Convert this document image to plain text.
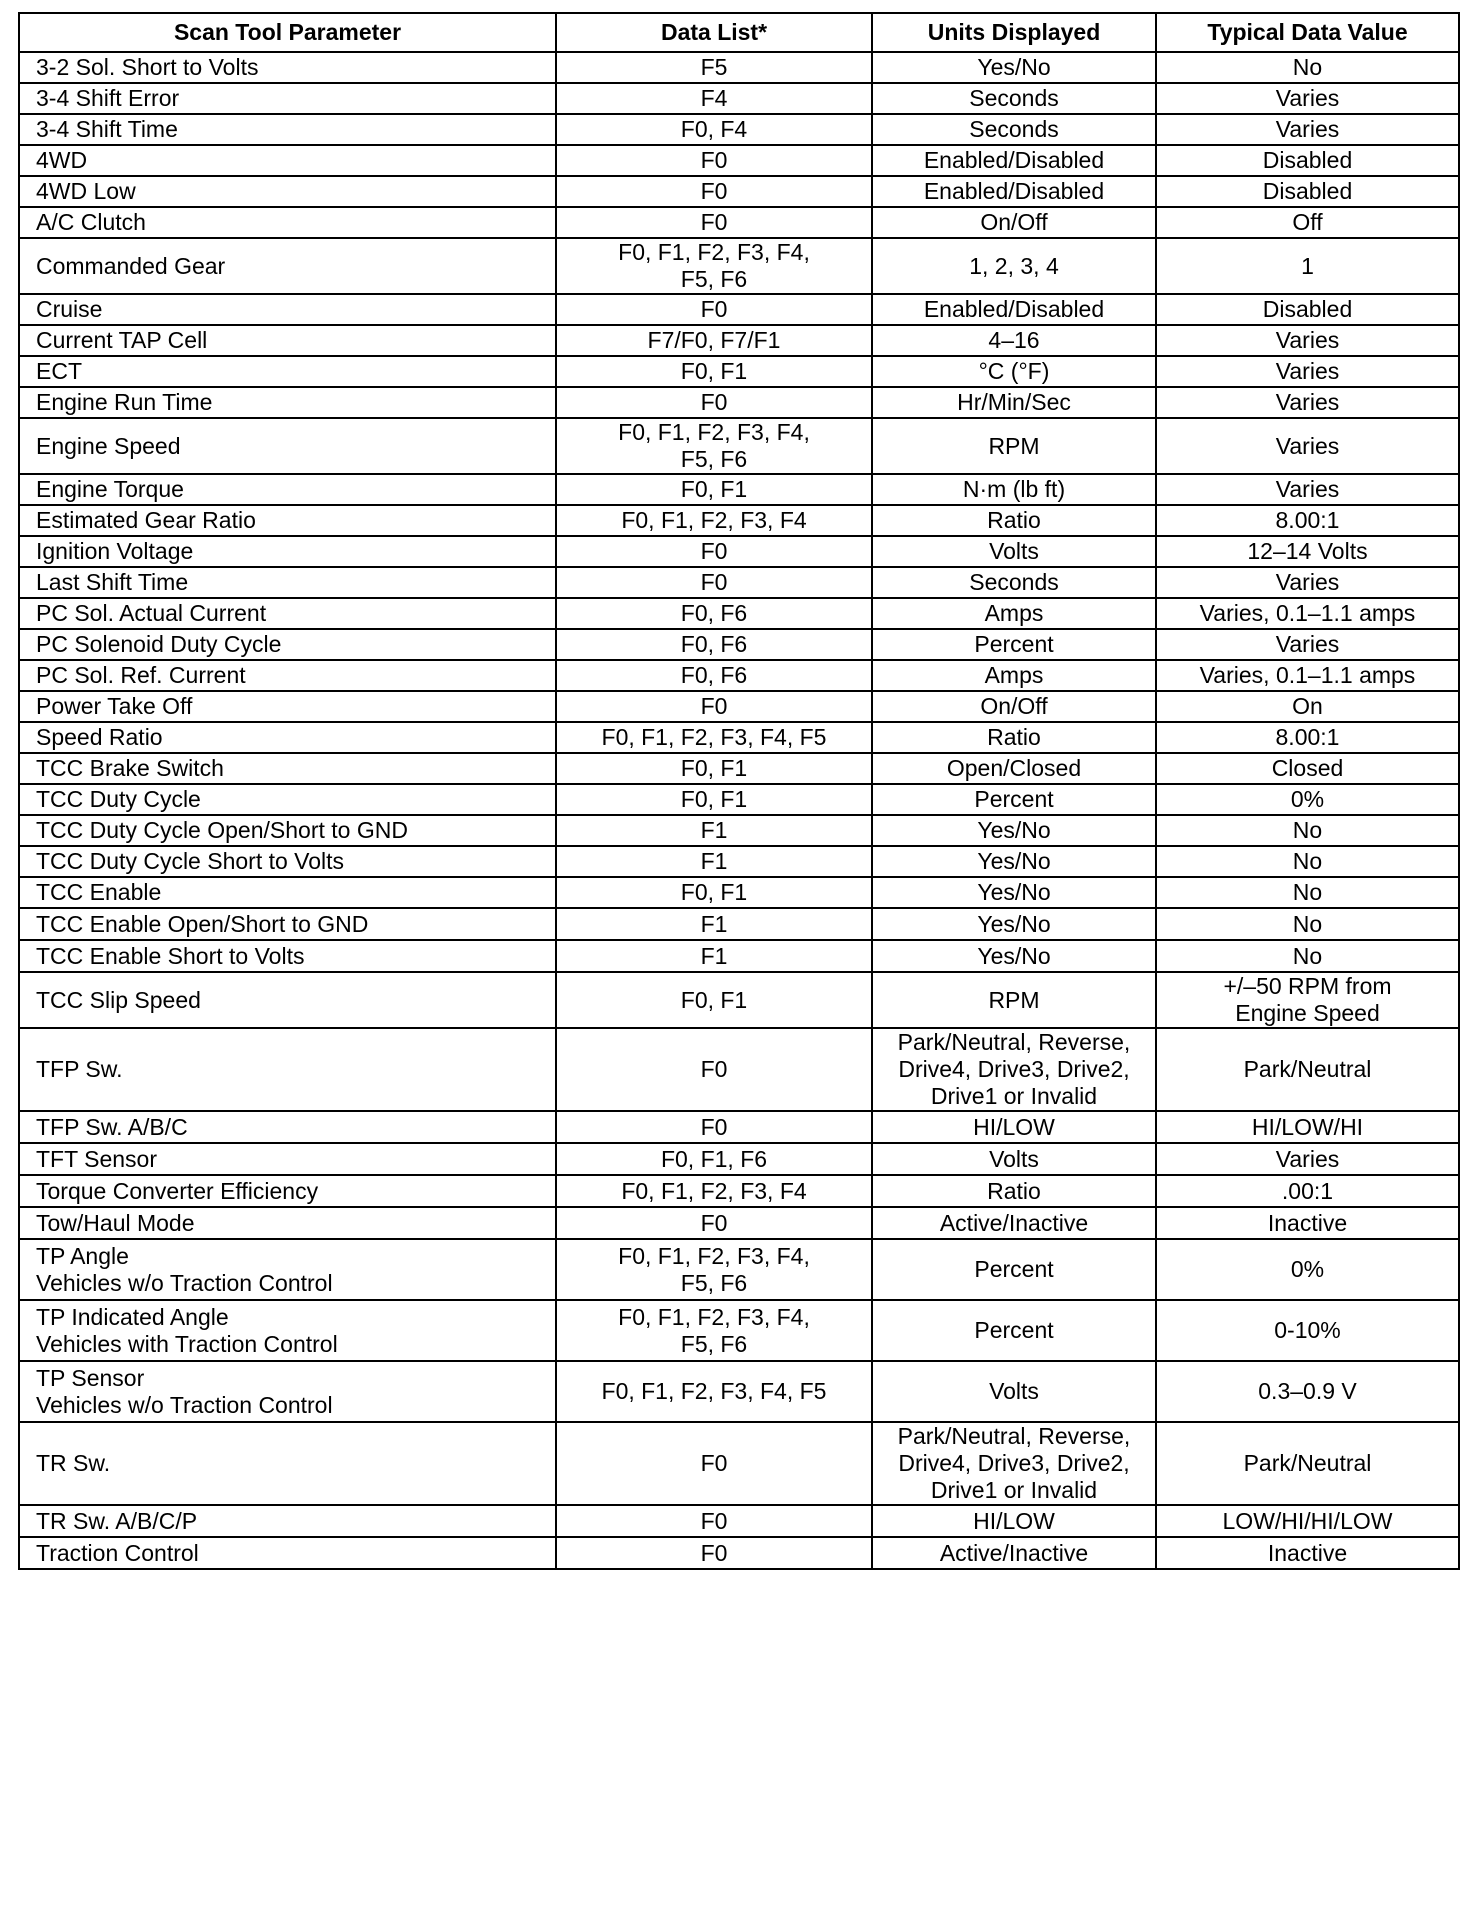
Scan Tool Parameter	Data List*	Units Displayed	Typical Data Value

3-2 Sol. Short to Volts	F5	Yes/No	No

3-4 Shift Error	F4	Seconds	Varies

3-4 Shift Time	F0, F4	Seconds	Varies

4WD	F0	Enabled/Disabled	Disabled

4WD Low	F0	Enabled/Disabled	Disabled

A/C Clutch	F0	On/Off	Off

Commanded Gear	F0, F1, F2, F3, F4,
F5, F6	1, 2, 3, 4	1

Cruise	F0	Enabled/Disabled	Disabled

Current TAP Cell	F7/F0, F7/F1	4–16	Varies

ECT	F0, F1	°C (°F)	Varies

Engine Run Time	F0	Hr/Min/Sec	Varies

Engine Speed	F0, F1, F2, F3, F4,
F5, F6	RPM	Varies

Engine Torque	F0, F1	N·m (lb ft)	Varies

Estimated Gear Ratio	F0, F1, F2, F3, F4	Ratio	8.00:1

Ignition Voltage	F0	Volts	12–14 Volts

Last Shift Time	F0	Seconds	Varies

PC Sol. Actual Current	F0, F6	Amps	Varies, 0.1–1.1 amps

PC Solenoid Duty Cycle	F0, F6	Percent	Varies

PC Sol. Ref. Current	F0, F6	Amps	Varies, 0.1–1.1 amps

Power Take Off	F0	On/Off	On

Speed Ratio	F0, F1, F2, F3, F4, F5	Ratio	8.00:1

TCC Brake Switch	F0, F1	Open/Closed	Closed

TCC Duty Cycle	F0, F1	Percent	0%

TCC Duty Cycle Open/Short to GND	F1	Yes/No	No

TCC Duty Cycle Short to Volts	F1	Yes/No	No

TCC Enable	F0, F1	Yes/No	No

TCC Enable Open/Short to GND	F1	Yes/No	No

TCC Enable Short to Volts	F1	Yes/No	No

TCC Slip Speed	F0, F1	RPM	+/–50 RPM from
Engine Speed

TFP Sw.	F0	Park/Neutral, Reverse,
Drive4, Drive3, Drive2,
Drive1 or Invalid	Park/Neutral

TFP Sw. A/B/C	F0	HI/LOW	HI/LOW/HI

TFT Sensor	F0, F1, F6	Volts	Varies

Torque Converter Efficiency	F0, F1, F2, F3, F4	Ratio	.00:1

Tow/Haul Mode	F0	Active/Inactive	Inactive

TP Angle
Vehicles w/o Traction Control	F0, F1, F2, F3, F4,
F5, F6	Percent	0%

TP Indicated Angle
Vehicles with Traction Control	F0, F1, F2, F3, F4,
F5, F6	Percent	0-10%

TP Sensor
Vehicles w/o Traction Control	F0, F1, F2, F3, F4, F5	Volts	0.3–0.9 V

TR Sw.	F0	Park/Neutral, Reverse,
Drive4, Drive3, Drive2,
Drive1 or Invalid	Park/Neutral

TR Sw. A/B/C/P	F0	HI/LOW	LOW/HI/HI/LOW

Traction Control	F0	Active/Inactive	Inactive
